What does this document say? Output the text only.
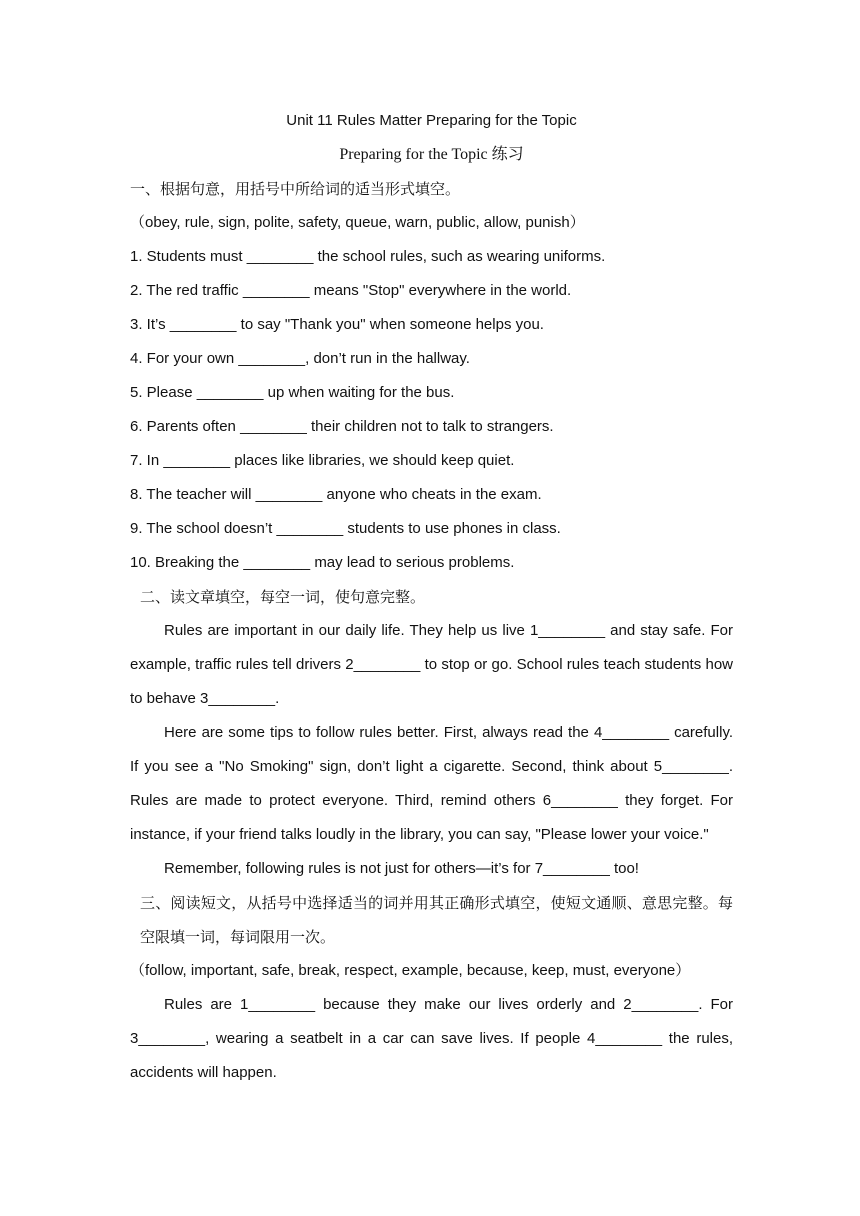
Unit 11 Rules Matter Preparing for the Topic
Preparing for the Topic 练习
一、根据句意，用括号中所给词的适当形式填空。
（obey, rule, sign, polite, safety, queue, warn, public, allow, punish）
1. Students must ________ the school rules, such as wearing uniforms.
2. The red traffic ________ means "Stop" everywhere in the world.
3. It’s ________ to say "Thank you" when someone helps you.
4. For your own ________, don’t run in the hallway.
5. Please ________ up when waiting for the bus.
6. Parents often ________ their children not to talk to strangers.
7. In ________ places like libraries, we should keep quiet.
8. The teacher will ________ anyone who cheats in the exam.
9. The school doesn’t ________ students to use phones in class.
10. Breaking the ________ may lead to serious problems.
二、读文章填空，每空一词，使句意完整。
Rules are important in our daily life. They help us live 1________ and stay safe. For example, traffic rules tell drivers 2________ to stop or go. School rules teach students how to behave 3________.
Here are some tips to follow rules better. First, always read the 4________ carefully. If you see a "No Smoking" sign, don’t light a cigarette. Second, think about 5________. Rules are made to protect everyone. Third, remind others 6________ they forget. For instance, if your friend talks loudly in the library, you can say, "Please lower your voice."
Remember, following rules is not just for others—it’s for 7________ too!
三、阅读短文，从括号中选择适当的词并用其正确形式填空，使短文通顺、意思完整。每空限填一词，每词限用一次。
（follow, important, safe, break, respect, example, because, keep, must, everyone）
Rules are 1________ because they make our lives orderly and 2________. For 3________, wearing a seatbelt in a car can save lives. If people 4________ the rules, accidents will happen.
